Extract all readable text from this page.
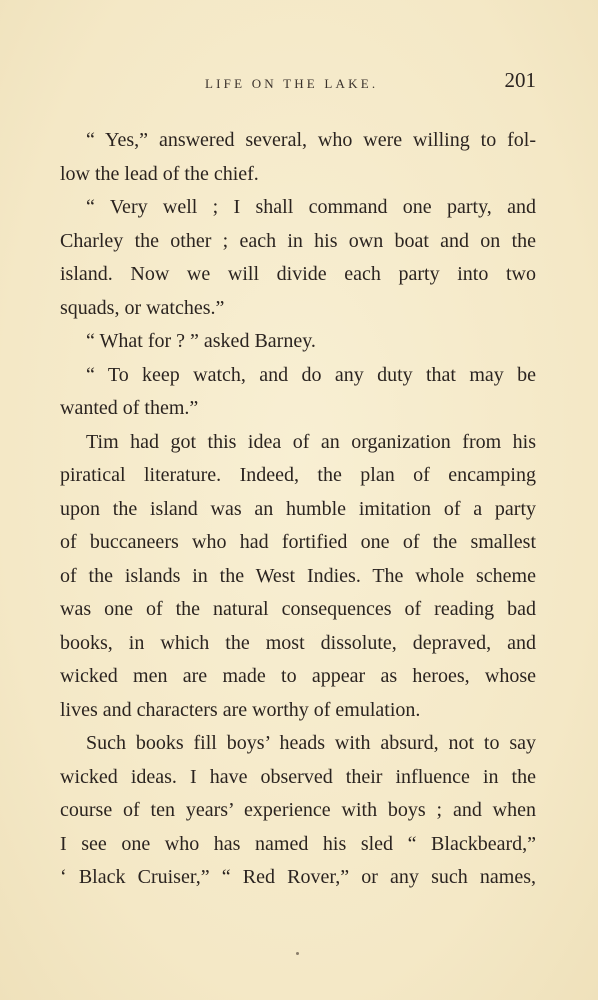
LIFE ON THE LAKE.	201
“ Yes,” answered several, who were willing to fol-
low the lead of the chief.
“ Very well ; I shall command one party, and
Charley the other ; each in his own boat and on the
island. Now we will divide each party into two
squads, or watches.”
“ What for ? ” asked Barney.
“ To keep watch, and do any duty that may be
wanted of them.”
Tim had got this idea of an organization from his
piratical literature. Indeed, the plan of encamping
upon the island was an humble imitation of a party
of buccaneers who had fortified one of the smallest
of the islands in the West Indies. The whole scheme
was one of the natural consequences of reading bad
books, in which the most dissolute, depraved, and
wicked men are made to appear as heroes, whose
lives and characters are worthy of emulation.
Such books fill boys’ heads with absurd, not to say
wicked ideas. I have observed their influence in the
course of ten years’ experience with boys ; and when
I see one who has named his sled “ Blackbeard,”
‘ Black Cruiser,” “ Red Rover,” or any such names,
